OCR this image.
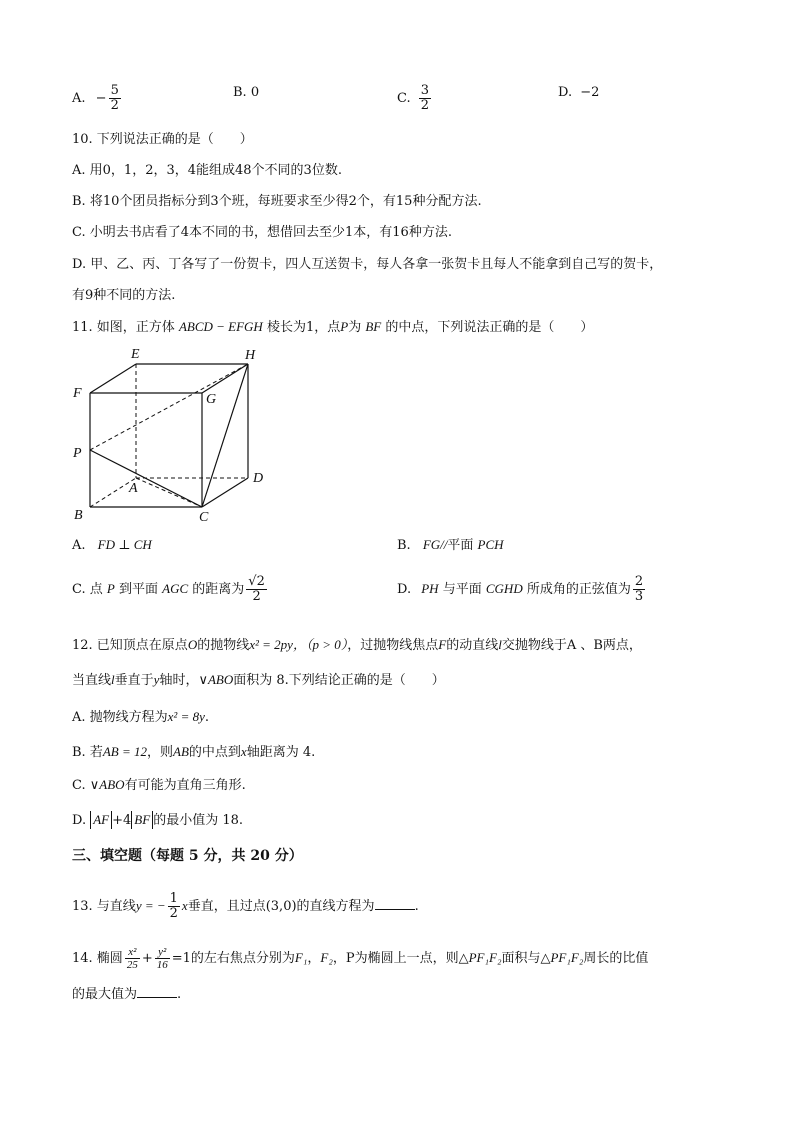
A. − $\frac{5}{2}$	B. 0	C. $\frac{3}{2}$	D. −2
10. 下列说法正确的是（　　）
A. 用0，1，2，3，4能组成48个不同的3位数.
B. 将10个团员指标分到3个班，每班要求至少得2个，有15种分配方法.
C. 小明去书店看了4本不同的书，想借回去至少1本，有16种方法.
D. 甲、乙、丙、丁各写了一份贺卡，四人互送贺卡，每人各拿一张贺卡且每人不能拿到自己写的贺卡，
有9种不同的方法.
11. 如图，正方体 ABCD − EFGH 棱长为1，点P为 BF 的中点，下列说法正确的是（　　）
E	H
F	G
P
D
A
B	C
A. FD ⊥ CH	B. FG//平面 PCH
C. 点 P 到平面 AGC 的距离为 $\frac{√2}{2}$	D. PH 与平面 CGHD 所成角的正弦值为 $\frac{2}{3}$
12. 已知顶点在原点O的抛物线x² = 2py，（p > 0），过抛物线焦点F的动直线l交抛物线于A 、B两点，
当直线l垂直于y轴时，∨ABO面积为 8.下列结论正确的是（　　）
A. 抛物线方程为x² = 8y.
B. 若AB = 12，则AB的中点到x轴距离为 4.
C. ∨ABO有可能为直角三角形.
D. AF +4 BF 的最小值为 18.
三、填空题（每题 5 分，共 20 分）
13. 与直线y = − $\frac{1}{2}$ x垂直，且过点(3,0)的直线方程为	.
14. 椭圆 $\frac{\text{x²}}{25} + \frac{\text{y²}}{16} =1$的左右焦点分别为F₁，F₂，P为椭圆上一点，则△PF₁F₂面积与△PF₁F₂周长的比值
的最大值为	.
